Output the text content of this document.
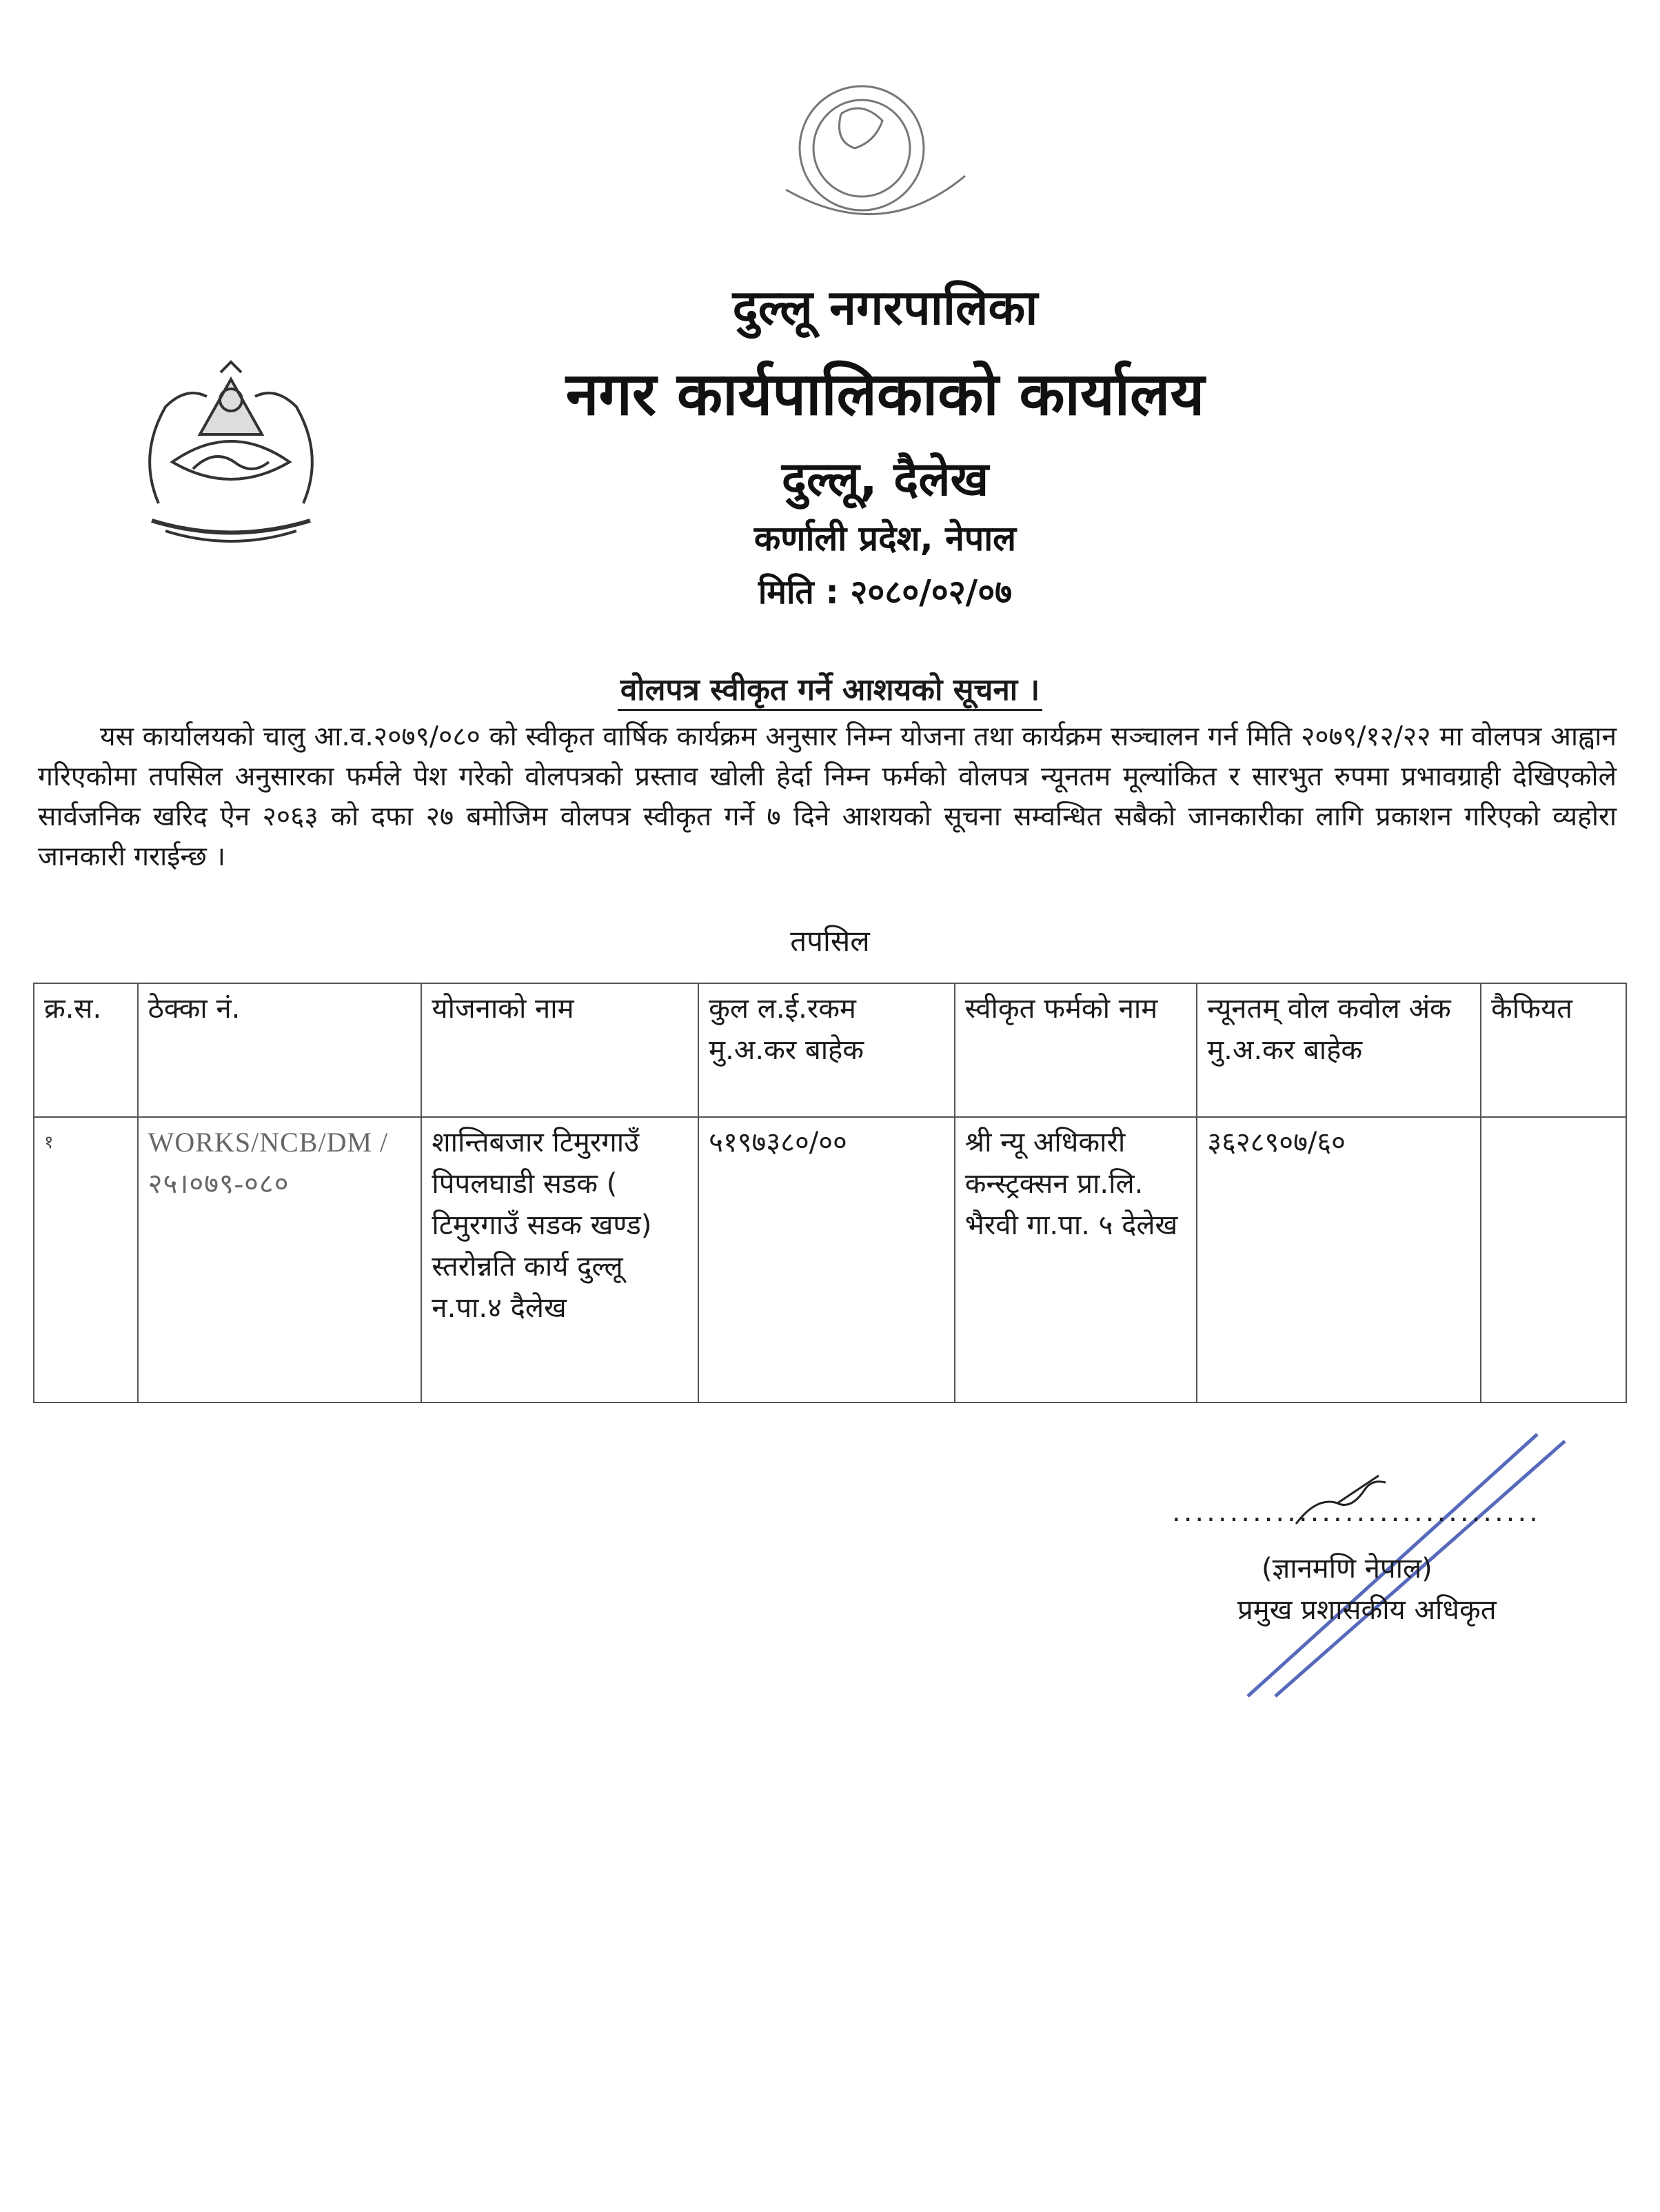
दुल्लू नगरपालिका
नगर कार्यपालिकाको कार्यालय
दुल्लू, दैलेख
कर्णाली प्रदेश, नेपाल
मिति : २०८०/०२/०७
वोलपत्र स्वीकृत गर्ने आशयको सूचना ।
यस कार्यालयको चालु आ.व.२०७९/०८० को स्वीकृत वार्षिक कार्यक्रम अनुसार निम्न योजना तथा कार्यक्रम सञ्चालन गर्न मिति २०७९/१२/२२ मा वोलपत्र आह्वान गरिएकोमा तपसिल अनुसारका फर्मले पेश गरेको वोलपत्रको प्रस्ताव खोली हेर्दा निम्न फर्मको वोलपत्र न्यूनतम मूल्यांकित र सारभुत रुपमा प्रभावग्राही देखिएकोले सार्वजनिक खरिद ऐन २०६३ को दफा २७ बमोजिम वोलपत्र स्वीकृत गर्ने ७ दिने आशयको सूचना सम्वन्धित सबैको जानकारीका लागि प्रकाशन गरिएको व्यहोरा जानकारी गराईन्छ ।
तपसिल
क्र.स.	ठेक्का नं.	योजनाको नाम	कुल ल.ई.रकम मु.अ.कर बाहेक	स्वीकृत फर्मको नाम	न्यूनतम् वोल कवोल अंक मु.अ.कर बाहेक	कैफियत
१	WORKS/NCB/DM /२५।०७९-०८०	शान्तिबजार टिमुरगाउँ पिपलघाडी सडक ( टिमुरगाउँ सडक खण्ड) स्तरोन्नति कार्य दुल्लू न.पा.४ दैलेख	५१९७३८०/००	श्री न्यू अधिकारी कन्स्ट्रक्सन प्रा.लि. भैरवी गा.पा. ५ देलेख	३६२८९०७/६०	
................................
(ज्ञानमणि नेपाल)
प्रमुख प्रशासकीय अधिकृत
